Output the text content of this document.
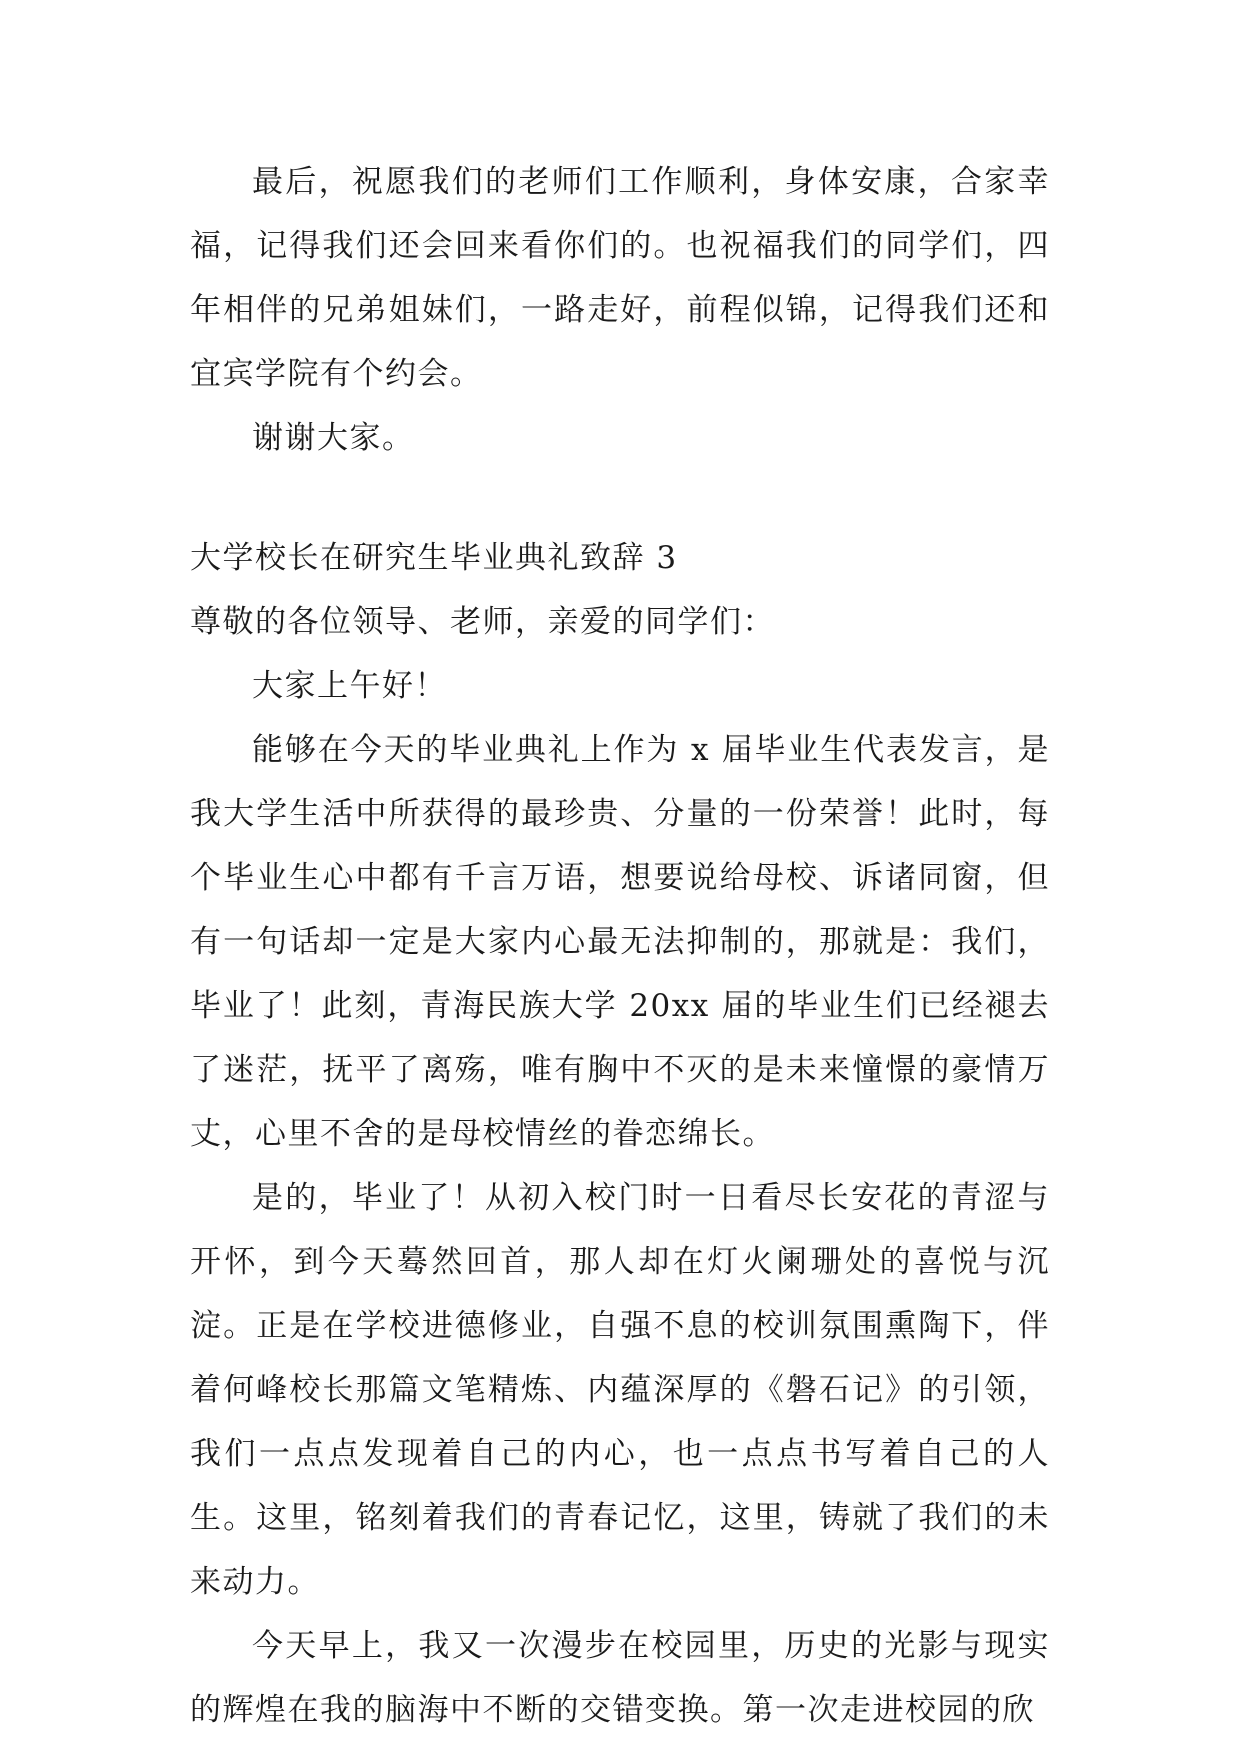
最后，祝愿我们的老师们工作顺利，身体安康，合家幸福，记得我们还会回来看你们的。也祝福我们的同学们，四年相伴的兄弟姐妹们，一路走好，前程似锦，记得我们还和宜宾学院有个约会。

谢谢大家。

大学校长在研究生毕业典礼致辞 3

尊敬的各位领导、老师，亲爱的同学们：

大家上午好！

能够在今天的毕业典礼上作为 x 届毕业生代表发言，是我大学生活中所获得的最珍贵、分量的一份荣誉！此时，每个毕业生心中都有千言万语，想要说给母校、诉诸同窗，但有一句话却一定是大家内心最无法抑制的，那就是：我们，毕业了！此刻，青海民族大学 20xx 届的毕业生们已经褪去了迷茫，抚平了离殇，唯有胸中不灭的是未来憧憬的豪情万丈，心里不舍的是母校情丝的眷恋绵长。

是的，毕业了！从初入校门时一日看尽长安花的青涩与开怀，到今天蓦然回首，那人却在灯火阑珊处的喜悦与沉淀。正是在学校进德修业，自强不息的校训氛围熏陶下，伴着何峰校长那篇文笔精炼、内蕴深厚的《磐石记》的引领，我们一点点发现着自己的内心，也一点点书写着自己的人生。这里，铭刻着我们的青春记忆，这里，铸就了我们的未来动力。

今天早上，我又一次漫步在校园里，历史的光影与现实的辉煌在我的脑海中不断的交错变换。第一次走进校园的欣
